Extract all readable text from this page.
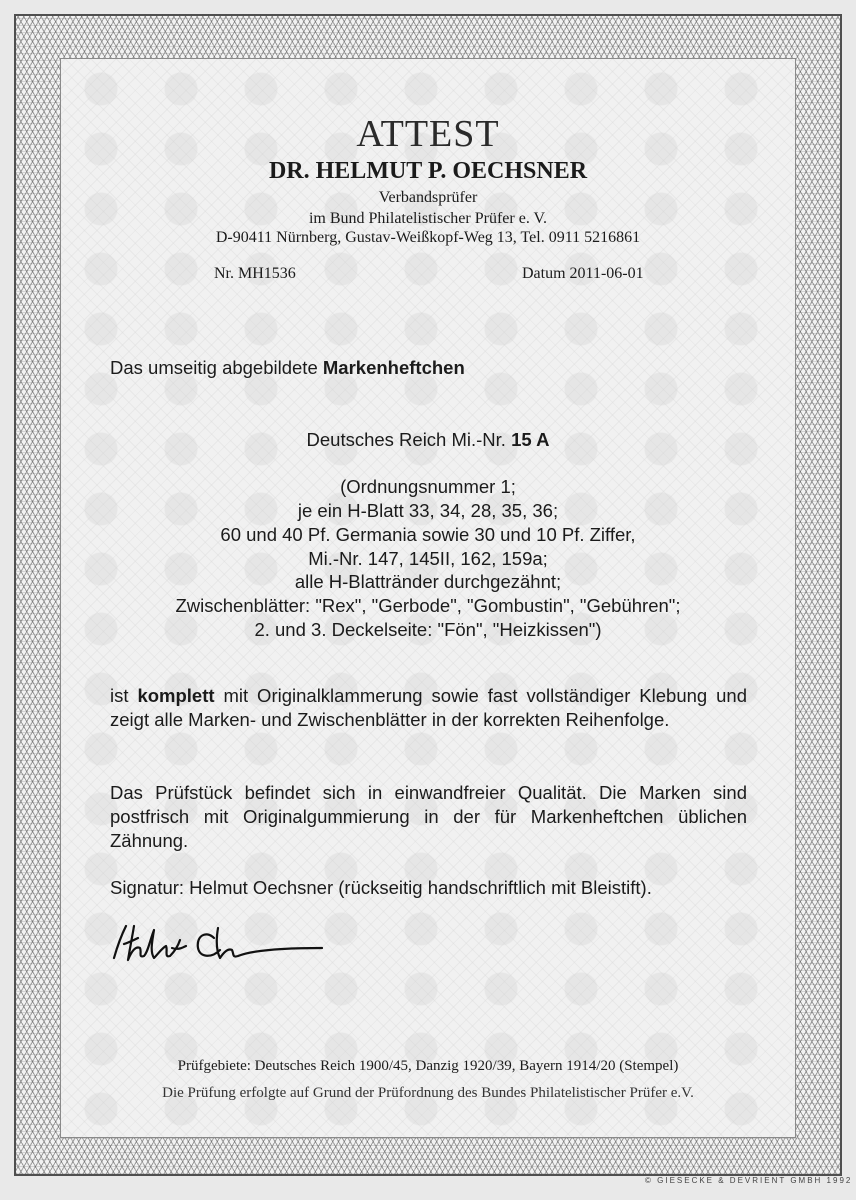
ATTEST
DR. HELMUT P. OECHSNER
Verbandsprüfer
im Bund Philatelistischer Prüfer e. V.
D-90411 Nürnberg, Gustav-Weißkopf-Weg 13, Tel. 0911 5216861
Nr. MH1536	Datum 2011-06-01
Das umseitig abgebildete Markenheftchen
Deutsches Reich Mi.-Nr. 15 A
(Ordnungsnummer 1;
je ein H-Blatt 33, 34, 28, 35, 36;
60 und 40 Pf. Germania sowie 30 und 10 Pf. Ziffer,
Mi.-Nr. 147, 145II, 162, 159a;
alle H-Blattränder durchgezähnt;
Zwischenblätter: "Rex", "Gerbode", "Gombustin", "Gebühren";
2. und 3. Deckelseite: "Fön", "Heizkissen")
ist komplett mit Originalklammerung sowie fast vollständiger Klebung und zeigt alle Marken- und Zwischenblätter in der korrekten Reihenfolge.
Das Prüfstück befindet sich in einwandfreier Qualität. Die Marken sind postfrisch mit Originalgummierung in der für Markenheftchen üblichen Zähnung.
Signatur: Helmut Oechsner (rückseitig handschriftlich mit Bleistift).
Prüfgebiete: Deutsches Reich 1900/45, Danzig 1920/39, Bayern 1914/20 (Stempel)
Die Prüfung erfolgte auf Grund der Prüfordnung des Bundes Philatelistischer Prüfer e.V.
© GIESECKE & DEVRIENT GMBH 1992
